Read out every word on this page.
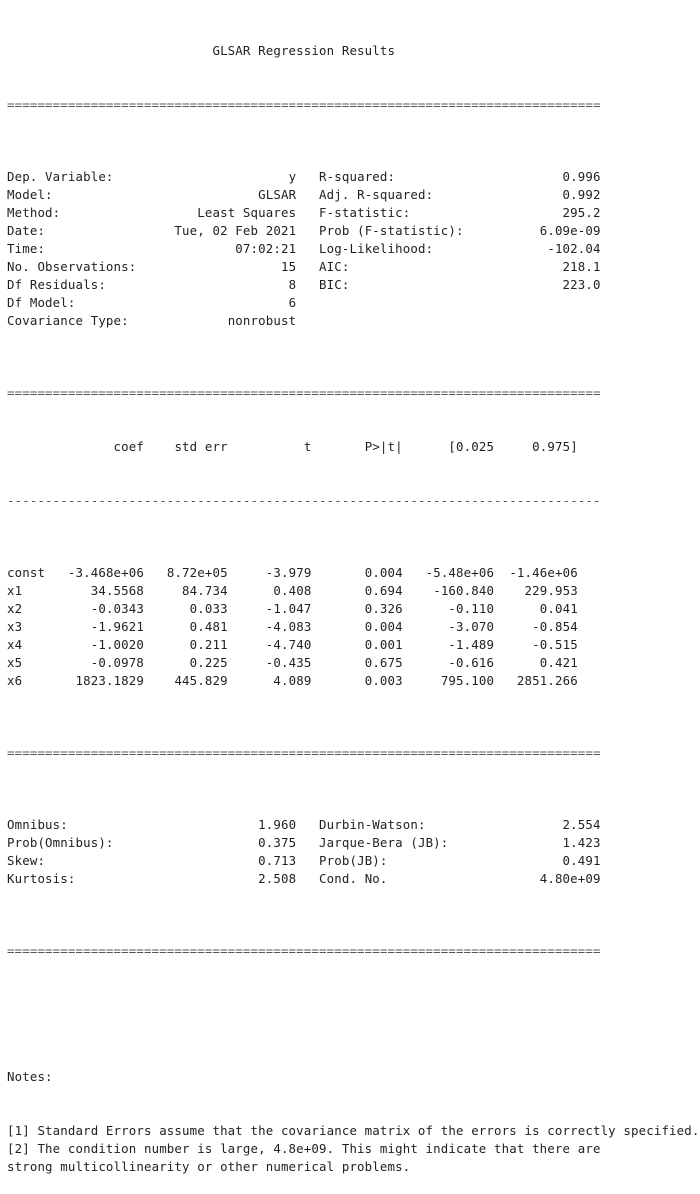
GLSAR Regression Results

==============================================================================

Dep. Variable:                       y R-squared:                      0.996
Model:                           GLSAR Adj. R-squared:                 0.992
Method:                  Least Squares F-statistic:                    295.2
Date:                 Tue, 02 Feb 2021 Prob (F-statistic):          6.09e-09
Time:                         07:02:21 Log-Likelihood:               -102.04
No. Observations:                   15 AIC:                            218.1
Df Residuals:                        8 BIC:                            223.0
Df Model:                            6
Covariance Type:             nonrobust

==============================================================================

coef    std err          t       P>|t|      [0.025     0.975]

------------------------------------------------------------------------------

const   -3.468e+06   8.72e+05     -3.979       0.004   -5.48e+06  -1.46e+06
x1         34.5568     84.734      0.408       0.694    -160.840    229.953
x2         -0.0343      0.033     -1.047       0.326      -0.110      0.041
x3         -1.9621      0.481     -4.083       0.004      -3.070     -0.854
x4         -1.0020      0.211     -4.740       0.001      -1.489     -0.515
x5         -0.0978      0.225     -0.435       0.675      -0.616      0.421
x6       1823.1829    445.829      4.089       0.003     795.100   2851.266

==============================================================================

Omnibus:                         1.960 Durbin-Watson:                  2.554
Prob(Omnibus):                   0.375 Jarque-Bera (JB):               1.423
Skew:                            0.713 Prob(JB):                       0.491
Kurtosis:                        2.508 Cond. No.                    4.80e+09

==============================================================================

Notes:

[1] Standard Errors assume that the covariance matrix of the errors is correctly specified.
[2] The condition number is large, 4.8e+09. This might indicate that there are
strong multicollinearity or other numerical problems.
